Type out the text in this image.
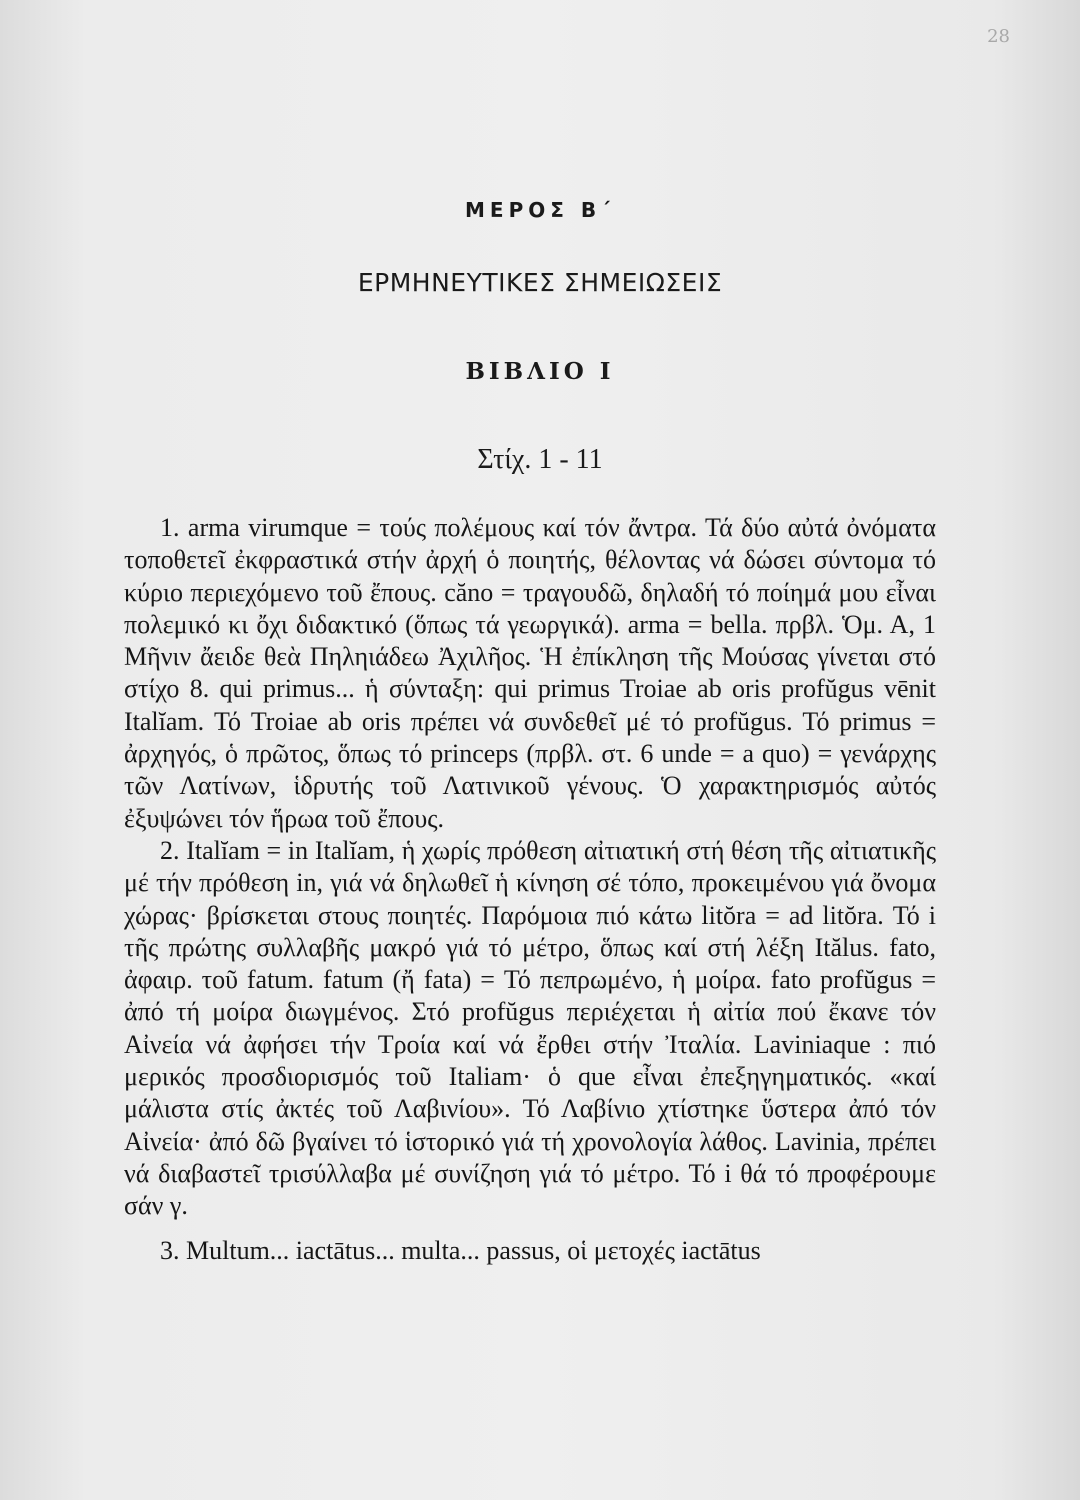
28
ΜΕΡΟΣ Β΄
ΕΡΜΗΝΕΥΤΙΚΕΣ ΣΗΜΕΙΩΣΕΙΣ
ΒΙΒΛΙΟ Ι
Στίχ. 1 - 11

1. arma virumque = τούς πολέμους καί τόν ἄντρα. Τά δύο αὐτά ὀνόματα τοποθετεῖ ἐκφραστικά στήν ἀρχή ὁ ποιητής, θέλοντας νά δώσει σύντομα τό κύριο περιεχόμενο τοῦ ἔπους. căno = τραγουδῶ, δηλαδή τό ποίημά μου εἶναι πολεμικό κι ὄχι διδακτικό (ὅπως τά γεωργικά). arma = bella. πρβλ. Ὁμ. Α, 1 Μῆνιν ἄειδε θεὰ Πηληιάδεω Ἀχιλῆος. Ἡ ἐπίκληση τῆς Μούσας γίνεται στό στίχο 8. qui primus... ἡ σύνταξη: qui primus Troiae ab oris profŭgus vēnit Italĭam. Τό Troiae ab oris πρέπει νά συνδεθεῖ μέ τό profŭgus. Τό primus = ἀρχηγός, ὁ πρῶτος, ὅπως τό princeps (πρβλ. στ. 6 unde = a quo) = γενάρχης τῶν Λατίνων, ἱδρυτής τοῦ Λατινικοῦ γένους. Ὁ χαρακτηρισμός αὐτός ἐξυψώνει τόν ἥρωα τοῦ ἔπους.

2. Italĭam = in Italĭam, ἡ χωρίς πρόθεση αἰτιατική στή θέση τῆς αἰτιατικῆς μέ τήν πρόθεση in, γιά νά δηλωθεῖ ἡ κίνηση σέ τόπο, προκειμένου γιά ὄνομα χώρας· βρίσκεται στους ποιητές. Παρόμοια πιό κάτω litŏra = ad litŏra. Τό i τῆς πρώτης συλλαβῆς μακρό γιά τό μέτρο, ὅπως καί στή λέξη Itălus. fato, ἀφαιρ. τοῦ fatum. fatum (ἤ fata) = Τό πεπρωμένο, ἡ μοίρα. fato profŭgus = ἀπό τή μοίρα διωγμένος. Στό profŭgus περιέχεται ἡ αἰτία πού ἔκανε τόν Αἰνεία νά ἀφήσει τήν Τροία καί νά ἔρθει στήν Ἰταλία. Laviniaque : πιό μερικός προσδιορισμός τοῦ Italiam· ὁ que εἶναι ἐπεξηγηματικός. «καί μάλιστα στίς ἀκτές τοῦ Λαβινίου». Τό Λαβίνιο χτίστηκε ὕστερα ἀπό τόν Αἰνεία· ἀπό δῶ βγαίνει τό ἱστορικό γιά τή χρονολογία λάθος. Lavinia, πρέπει νά διαβαστεῖ τρισύλλαβα μέ συνίζηση γιά τό μέτρο. Τό i θά τό προφέρουμε σάν γ.

3. Multum... iactātus... multa... passus, οἱ μετοχές iactātus
